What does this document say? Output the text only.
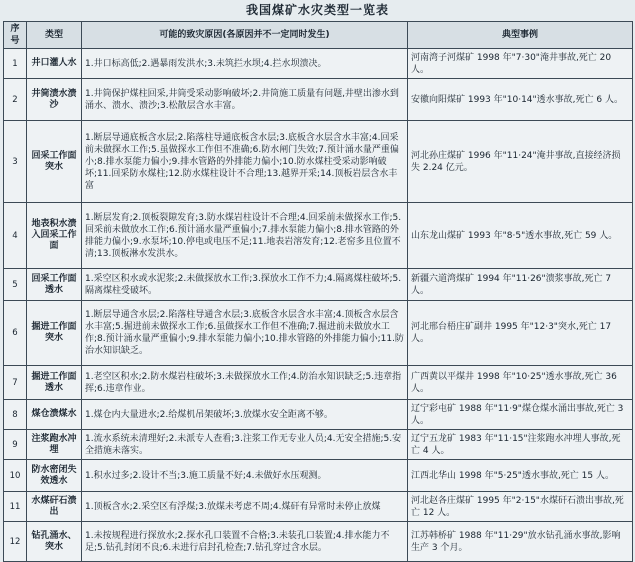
我国煤矿水灾类型一览表
序号	类型	可能的致灾原因(各原因并不一定同时发生)	典型事例
1	井口灌人水	1.井口标高低;2.遇暴雨发洪水;3.未筑拦水坝;4.拦水坝溃决。	河南湾子河煤矿 1998 年"7·30"淹井事故,死亡 20 人。
2	井筒渍水溃沙	1.井筒保护煤柱回采,井筒受采动影响破坏;2.井筒施工质量有问题,井壁出渗水到涌水、溃水、溃沙;3.松散层含水丰富。	安徽向阳煤矿 1993 年"10·14"透水事故,死亡 6 人。
3	回采工作面突水	1.断层导通底板含水层;2.陷落柱导通底板含水层;3.底板含水层含水丰富;4.回采前未做探水工作;5.虽做探水工作但不准确;6.防水闸门失效;7.预计涌水量严重偏小;8.排水泵能力偏小;9.排水管路的外排能力偏小;10.防水煤柱受采动影响破坏;11.回采防水煤柱;12.防水煤柱设计不合理;13.越界开采;14.顶板岩层含水丰富	河北孙庄煤矿 1996 年"11·24"淹井事故,直接经济损失 2.24 亿元。
4	地表积水溃入回采工作面	1.断层发育;2.顶板裂隙发育;3.防水煤岩柱设计不合理;4.回采前未做探水工作;5.回采前未做放水工作;6.预计涌水量严重偏小;7.排水泵能力偏小;8.排水管路的外排能力偏小;9.水泵坏;10.停电或电压不足;11.地表岩溶发育;12.老窑多且位置不清;13.顶板淋水发洪水。	山东龙山煤矿 1993 年"8·5"透水事故,死亡 59 人。
5	回采工作面透水	1.采空区积水或水泥浆;2.未做探放水工作;3.探放水工作不力;4.隔离煤柱破坏;5.隔离煤柱受破坏。	新疆六道湾煤矿 1994 年"11·26"溃浆事故,死亡 7 人。
6	掘进工作面突水	1.断层导通含水层;2.陷落柱导通含水层;3.底板含水层含水丰富;4.顶板含水层含水丰富;5.掘进前未做探水工作;6.虽做探水工作但不准确;7.掘进前未做放水工作;8.预计涌水量严重偏小;9.排水泵能力偏小;10.排水管路的外排能力偏小;11.防治水知识缺乏。	河北邢台梧庄矿副井 1995 年"12·3"突水,死亡 17 人。
7	掘进工作面透水	1.老空区积水;2.防水煤岩柱破坏;3.未做探放水工作;4.防治水知识缺乏;5.违章指挥;6.违章作业。	广西黄以平煤井 1998 年"10·25"透水事故,死亡 36 人。
8	煤仓溃煤水	1.煤仓内大量进水;2.给煤机吊架破坏;3.放煤水安全距离不够。	辽宁彩屯矿 1988 年"11·9"煤仓煤水涌出事故,死亡 3 人。
9	注浆跑水冲埋	1.流水系统未清理好;2.未派专人查看;3.注浆工作无专业人员;4.无安全措施;5.安全措施未落实。	辽宁五龙矿 1983 年"11·15"注浆跑水冲埋人事故,死亡 4 人。
10	防水密闭失效透水	1.积水过多;2.设计不当;3.施工质量不好;4.未做好水压观测。	江西北华山 1998 年"5·25"透水事故,死亡 15 人。
11	水煤矸石溃出	1.顶板含水;2.采空区有浮煤;3.放煤未考虑不周;4.煤矸有异常时未停止放煤	河北赵各庄煤矿 1995 年"2·15"水煤矸石溃出事故,死亡 12 人。
12	钻孔涌水、突水	1.未按规程进行探放水;2.探水孔口装置不合格;3.未装孔口装置;4.排水能力不足;5.钻孔封闭不良;6.未进行启封孔检查;7.钻孔穿过含水层。	江苏韩桥矿 1988 年"11·29"放水钻孔涌水事故,影响生产 3 个月。
